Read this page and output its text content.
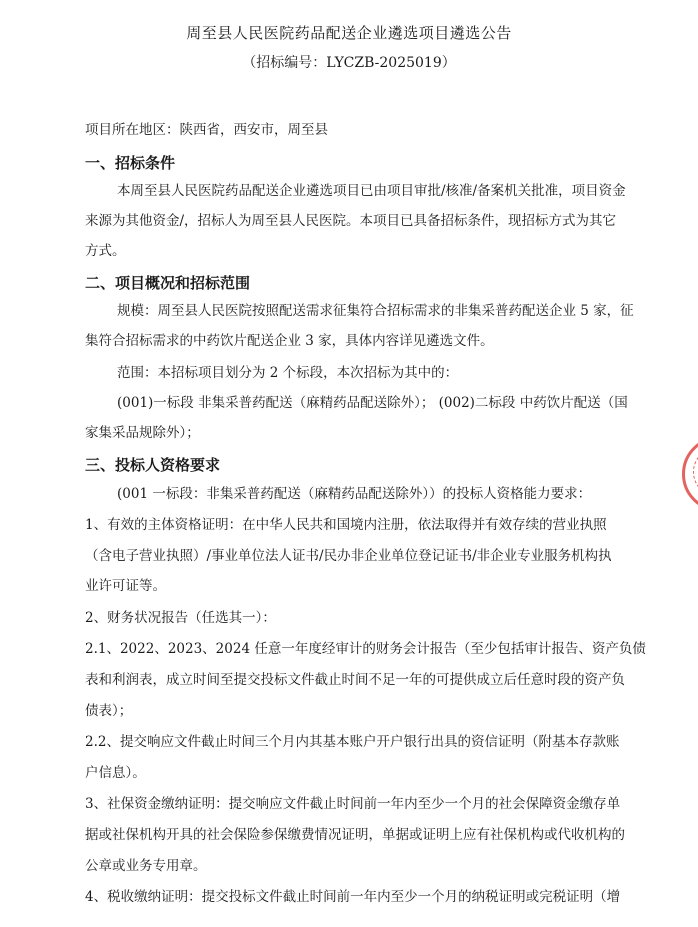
周至县人民医院药品配送企业遴选项目遴选公告
（招标编号：LYCZB-2025019）
项目所在地区：陕西省，西安市，周至县
一、招标条件
本周至县人民医院药品配送企业遴选项目已由项目审批/核准/备案机关批准，项目资金
来源为其他资金/，招标人为周至县人民医院。本项目已具备招标条件，现招标方式为其它
方式。
二、项目概况和招标范围
规模：周至县人民医院按照配送需求征集符合招标需求的非集采普药配送企业 5 家，征
集符合招标需求的中药饮片配送企业 3 家，具体内容详见遴选文件。
范围：本招标项目划分为 2 个标段，本次招标为其中的：
(001)一标段 非集采普药配送（麻精药品配送除外）； (002)二标段 中药饮片配送（国
家集采品规除外）；
三、投标人资格要求
(001 一标段：非集采普药配送（麻精药品配送除外））的投标人资格能力要求：
1、有效的主体资格证明：在中华人民共和国境内注册，依法取得并有效存续的营业执照
（含电子营业执照）/事业单位法人证书/民办非企业单位登记证书/非企业专业服务机构执
业许可证等。
2、财务状况报告（任选其一）：
2.1、2022、2023、2024 任意一年度经审计的财务会计报告（至少包括审计报告、资产负债
表和利润表，成立时间至提交投标文件截止时间不足一年的可提供成立后任意时段的资产负
债表）；
2.2、提交响应文件截止时间三个月内其基本账户开户银行出具的资信证明（附基本存款账
户信息）。
3、社保资金缴纳证明：提交响应文件截止时间前一年内至少一个月的社会保障资金缴存单
据或社保机构开具的社会保险参保缴费情况证明，单据或证明上应有社保机构或代收机构的
公章或业务专用章。
4、税收缴纳证明：提交投标文件截止时间前一年内至少一个月的纳税证明或完税证明（增
